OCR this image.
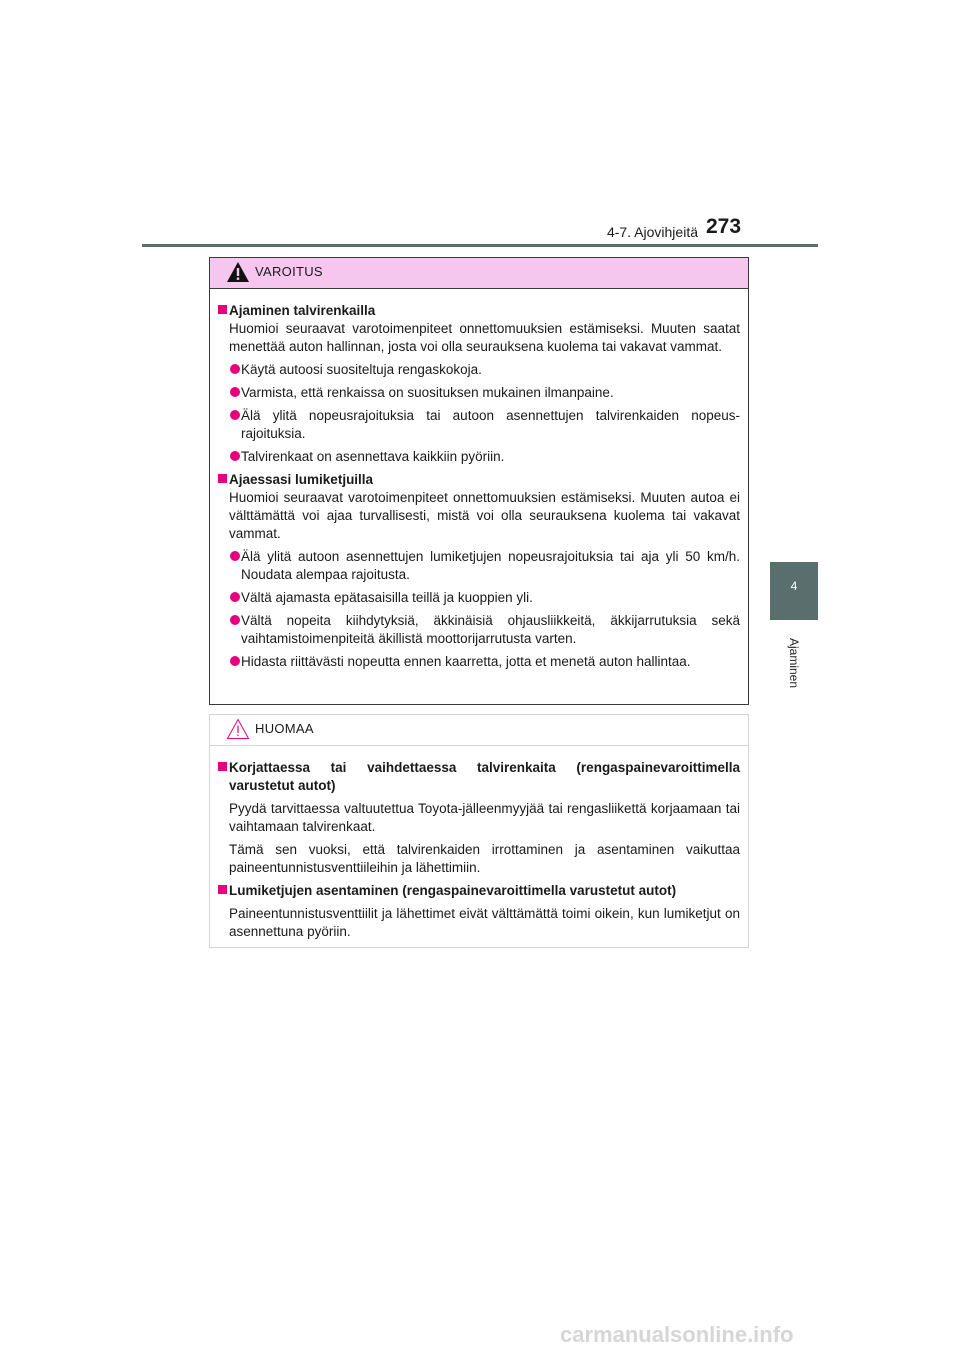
4-7. Ajovihjeitä 273
4
Ajaminen
VAROITUS
Ajaminen talvirenkailla
Huomioi seuraavat varotoimenpiteet onnettomuuksien estämiseksi. Muuten saatat menettää auton hallinnan, josta voi olla seurauksena kuolema tai vakavat vammat.
Käytä autoosi suositeltuja rengaskokoja.
Varmista, että renkaissa on suosituksen mukainen ilmanpaine.
Älä ylitä nopeusrajoituksia tai autoon asennettujen talvirenkaiden nopeusrajoituksia.
Talvirenkaat on asennettava kaikkiin pyöriin.
Ajaessasi lumiketjuilla
Huomioi seuraavat varotoimenpiteet onnettomuuksien estämiseksi. Muuten autoa ei välttämättä voi ajaa turvallisesti, mistä voi olla seurauksena kuolema tai vakavat vammat.
Älä ylitä autoon asennettujen lumiketjujen nopeusrajoituksia tai aja yli 50 km/h. Noudata alempaa rajoitusta.
Vältä ajamasta epätasaisilla teillä ja kuoppien yli.
Vältä nopeita kiihdytyksiä, äkkinäisiä ohjausliikkeitä, äkkijarrutuksia sekä vaihtamistoimenpiteitä äkillistä moottorijarrutusta varten.
Hidasta riittävästi nopeutta ennen kaarretta, jotta et menetä auton hallintaa.
HUOMAA
Korjattaessa tai vaihdettaessa talvirenkaita (rengaspainevaroittimella varustetut autot)
Pyydä tarvittaessa valtuutettua Toyota-jälleenmyyjää tai rengasliikettä korjaamaan tai vaihtamaan talvirenkaat.
Tämä sen vuoksi, että talvirenkaiden irrottaminen ja asentaminen vaikuttaa paineentunnistusventtiileihin ja lähettimiin.
Lumiketjujen asentaminen (rengaspainevaroittimella varustetut autot)
Paineentunnistusventtiilit ja lähettimet eivät välttämättä toimi oikein, kun lumiketjut on asennettuna pyöriin.
carmanualsonline.info
